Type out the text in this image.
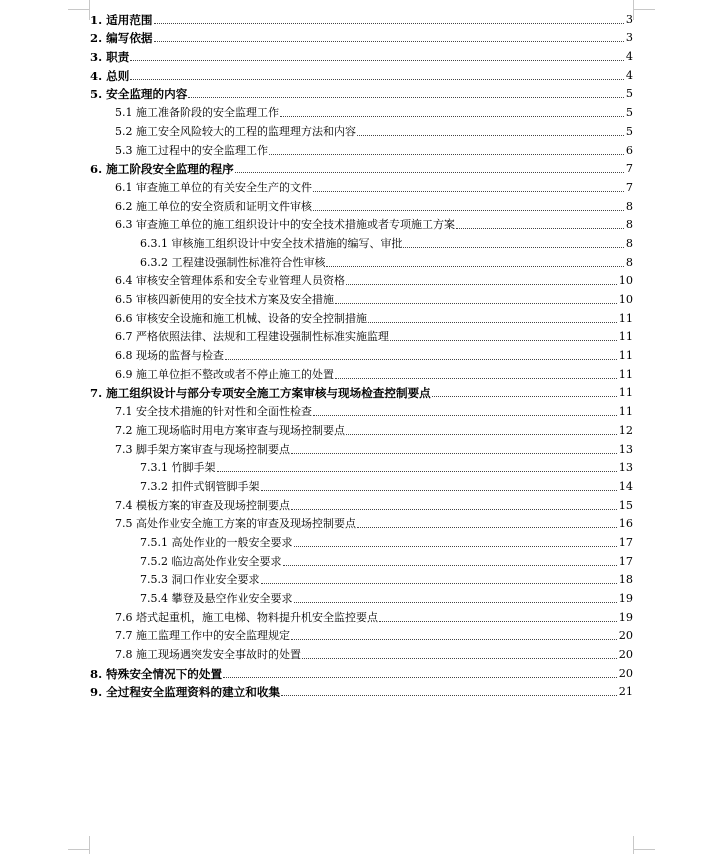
1. 适用范围	3
2. 编写依据	3
3. 职责	4
4. 总则	4
5. 安全监理的内容	5
5.1 施工准备阶段的安全监理工作	5
5.2 施工安全风险较大的工程的监理理方法和内容	5
5.3 施工过程中的安全监理工作	6
6. 施工阶段安全监理的程序	7
6.1 审查施工单位的有关安全生产的文件	7
6.2 施工单位的安全资质和证明文件审核	8
6.3 审查施工单位的施工组织设计中的安全技术措施或者专项施工方案	8
6.3.1 审核施工组织设计中安全技术措施的编写、审批	8
6.3.2 工程建设强制性标准符合性审核	8
6.4 审核安全管理体系和安全专业管理人员资格	10
6.5 审核四新使用的安全技术方案及安全措施	10
6.6 审核安全设施和施工机械、设备的安全控制措施	11
6.7 严格依照法律、法规和工程建设强制性标准实施监理	11
6.8 现场的监督与检查	11
6.9 施工单位拒不整改或者不停止施工的处置	11
7. 施工组织设计与部分专项安全施工方案审核与现场检查控制要点	11
7.1 安全技术措施的针对性和全面性检查	11
7.2 施工现场临时用电方案审查与现场控制要点	12
7.3 脚手架方案审查与现场控制要点	13
7.3.1 竹脚手架	13
7.3.2 扣件式钢管脚手架	14
7.4 模板方案的审查及现场控制要点	15
7.5 高处作业安全施工方案的审查及现场控制要点	16
7.5.1 高处作业的一般安全要求	17
7.5.2 临边高处作业安全要求	17
7.5.3 洞口作业安全要求	18
7.5.4 攀登及悬空作业安全要求	19
7.6 塔式起重机，施工电梯、物料提升机安全监控要点	19
7.7 施工监理工作中的安全监理规定	20
7.8 施工现场遇突发安全事故时的处置	20
8. 特殊安全情况下的处置	20
9. 全过程安全监理资料的建立和收集	21
